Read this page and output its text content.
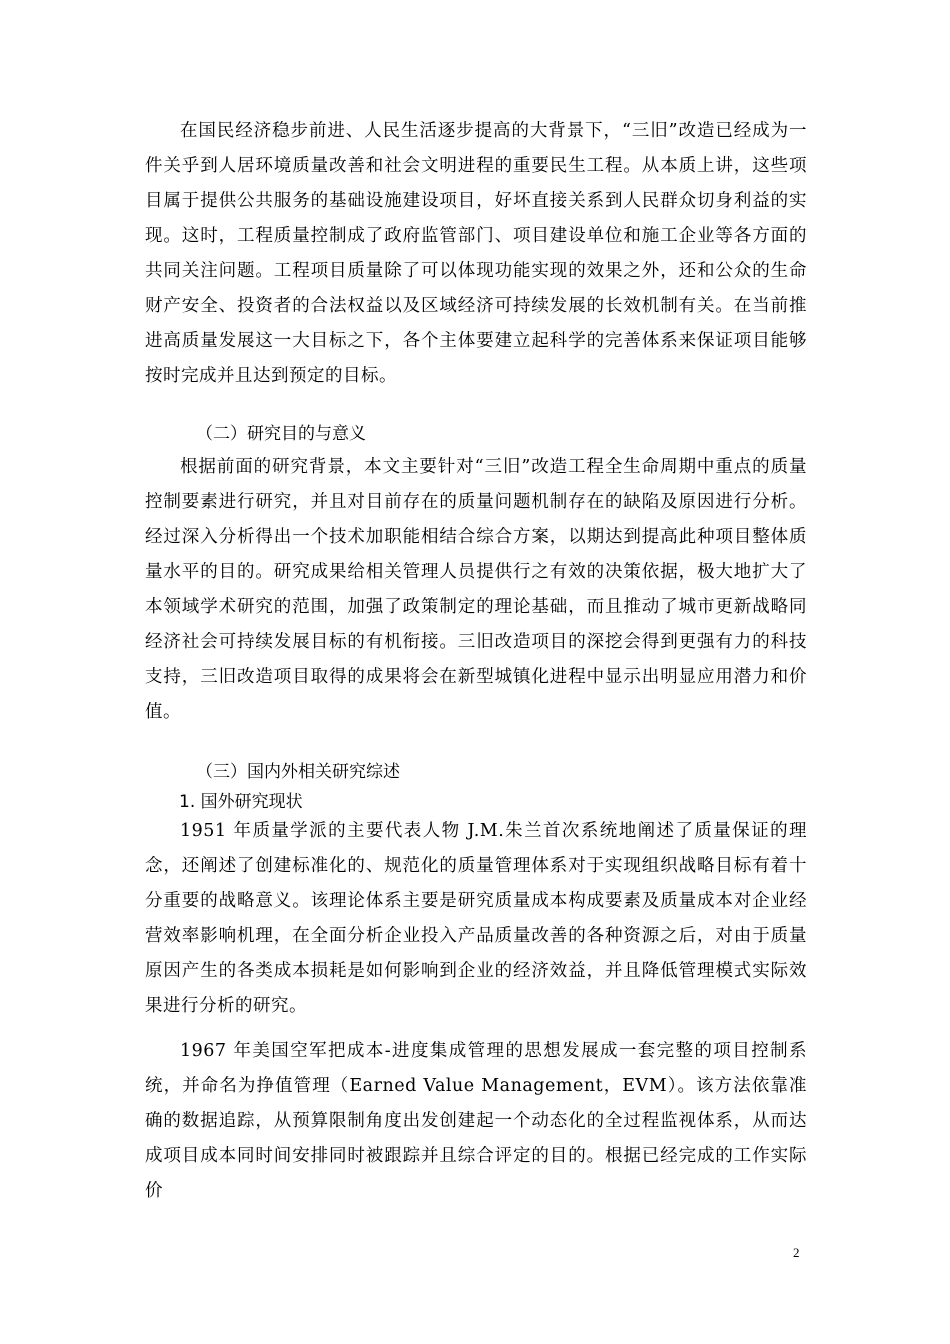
在国民经济稳步前进、人民生活逐步提高的大背景下，“三旧”改造已经成为一件关乎到人居环境质量改善和社会文明进程的重要民生工程。从本质上讲，这些项目属于提供公共服务的基础设施建设项目，好坏直接关系到人民群众切身利益的实现。这时，工程质量控制成了政府监管部门、项目建设单位和施工企业等各方面的共同关注问题。工程项目质量除了可以体现功能实现的效果之外，还和公众的生命财产安全、投资者的合法权益以及区域经济可持续发展的长效机制有关。在当前推进高质量发展这一大目标之下，各个主体要建立起科学的完善体系来保证项目能够按时完成并且达到预定的目标。

（二）研究目的与意义

根据前面的研究背景，本文主要针对“三旧”改造工程全生命周期中重点的质量控制要素进行研究，并且对目前存在的质量问题机制存在的缺陷及原因进行分析。经过深入分析得出一个技术加职能相结合综合方案，以期达到提高此种项目整体质量水平的目的。研究成果给相关管理人员提供行之有效的决策依据，极大地扩大了本领域学术研究的范围，加强了政策制定的理论基础，而且推动了城市更新战略同经济社会可持续发展目标的有机衔接。三旧改造项目的深挖会得到更强有力的科技支持，三旧改造项目取得的成果将会在新型城镇化进程中显示出明显应用潜力和价值。

（三）国内外相关研究综述
1. 国外研究现状

1951 年质量学派的主要代表人物 J.M.朱兰首次系统地阐述了质量保证的理念，还阐述了创建标准化的、规范化的质量管理体系对于实现组织战略目标有着十分重要的战略意义。该理论体系主要是研究质量成本构成要素及质量成本对企业经营效率影响机理，在全面分析企业投入产品质量改善的各种资源之后，对由于质量原因产生的各类成本损耗是如何影响到企业的经济效益，并且降低管理模式实际效果进行分析的研究。

1967 年美国空军把成本-进度集成管理的思想发展成一套完整的项目控制系统，并命名为挣值管理（Earned Value Management，EVM）。该方法依靠准确的数据追踪，从预算限制角度出发创建起一个动态化的全过程监视体系，从而达成项目成本同时间安排同时被跟踪并且综合评定的目的。根据已经完成的工作实际价

2
